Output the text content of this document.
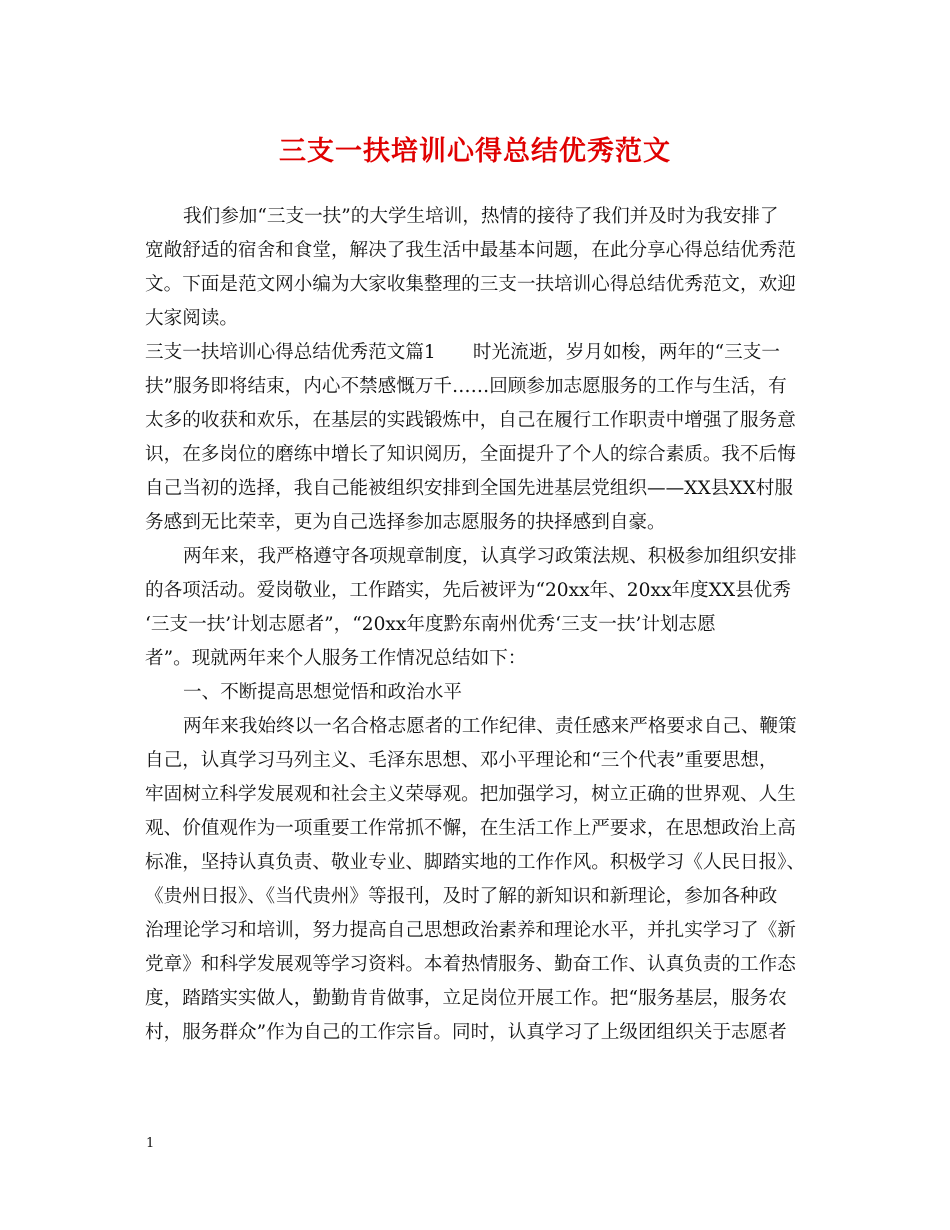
三支一扶培训心得总结优秀范文
我们参加“三支一扶”的大学生培训，热情的接待了我们并及时为我安排了
宽敞舒适的宿舍和食堂，解决了我生活中最基本问题，在此分享心得总结优秀范
文。下面是范文网小编为大家收集整理的三支一扶培训心得总结优秀范文，欢迎
大家阅读。
三支一扶培训心得总结优秀范文篇1　　时光流逝，岁月如梭，两年的“三支一
扶”服务即将结束，内心不禁感慨万千……回顾参加志愿服务的工作与生活，有
太多的收获和欢乐，在基层的实践锻炼中，自己在履行工作职责中增强了服务意
识，在多岗位的磨练中增长了知识阅历，全面提升了个人的综合素质。我不后悔
自己当初的选择，我自己能被组织安排到全国先进基层党组织——XX县XX村服
务感到无比荣幸，更为自己选择参加志愿服务的抉择感到自豪。
两年来，我严格遵守各项规章制度，认真学习政策法规、积极参加组织安排
的各项活动。爱岗敬业，工作踏实，先后被评为“20xx年、20xx年度XX县优秀
‘三支一扶’计划志愿者”，“20xx年度黔东南州优秀‘三支一扶’计划志愿
者”。现就两年来个人服务工作情况总结如下：
一、不断提高思想觉悟和政治水平
两年来我始终以一名合格志愿者的工作纪律、责任感来严格要求自己、鞭策
自己，认真学习马列主义、毛泽东思想、邓小平理论和“三个代表”重要思想，
牢固树立科学发展观和社会主义荣辱观。把加强学习，树立正确的世界观、人生
观、价值观作为一项重要工作常抓不懈，在生活工作上严要求，在思想政治上高
标准，坚持认真负责、敬业专业、脚踏实地的工作作风。积极学习《人民日报》、
《贵州日报》、《当代贵州》等报刊，及时了解的新知识和新理论，参加各种政
治理论学习和培训，努力提高自己思想政治素养和理论水平，并扎实学习了《新
党章》和科学发展观等学习资料。本着热情服务、勤奋工作、认真负责的工作态
度，踏踏实实做人，勤勤肯肯做事，立足岗位开展工作。把“服务基层，服务农
村，服务群众”作为自己的工作宗旨。同时，认真学习了上级团组织关于志愿者
1
